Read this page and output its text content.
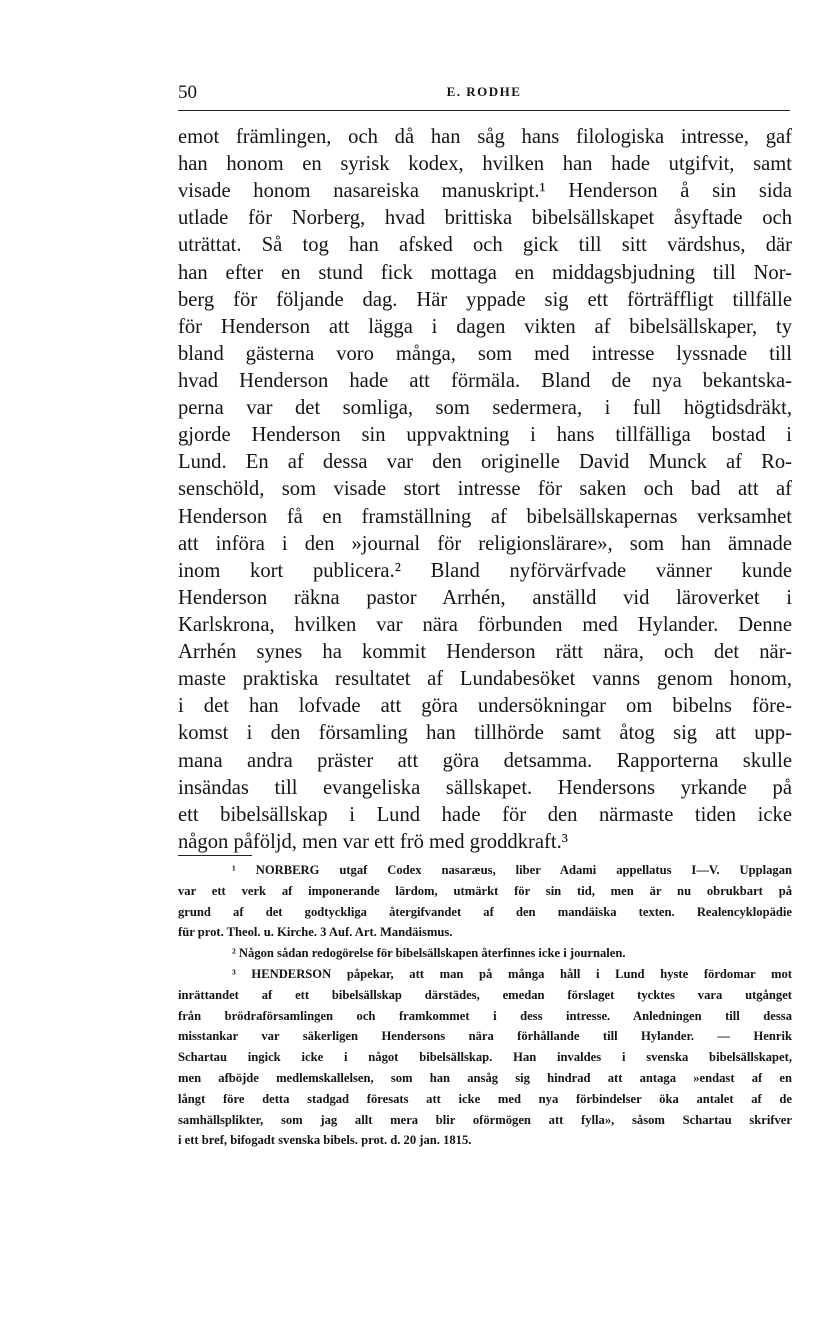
50	E. RODHE
emot främlingen, och då han såg hans filologiska intresse, gaf
han honom en syrisk kodex, hvilken han hade utgifvit, samt
visade honom nasareiska manuskript.¹ Henderson å sin sida
utlade för Norberg, hvad brittiska bibelsällskapet åsyftade och
uträttat. Så tog han afsked och gick till sitt värdshus, där
han efter en stund fick mottaga en middagsbjudning till Nor-
berg för följande dag. Här yppade sig ett förträffligt tillfälle
för Henderson att lägga i dagen vikten af bibelsällskaper, ty
bland gästerna voro många, som med intresse lyssnade till
hvad Henderson hade att förmäla. Bland de nya bekantska-
perna var det somliga, som sedermera, i full högtidsdräkt,
gjorde Henderson sin uppvaktning i hans tillfälliga bostad i
Lund. En af dessa var den originelle David Munck af Ro-
senschöld, som visade stort intresse för saken och bad att af
Henderson få en framställning af bibelsällskapernas verksamhet
att införa i den »journal för religionslärare», som han ämnade
inom kort publicera.² Bland nyförvärfvade vänner kunde
Henderson räkna pastor Arrhén, anställd vid läroverket i
Karlskrona, hvilken var nära förbunden med Hylander. Denne
Arrhén synes ha kommit Henderson rätt nära, och det när-
maste praktiska resultatet af Lundabesöket vanns genom honom,
i det han lofvade att göra undersökningar om bibelns före-
komst i den församling han tillhörde samt åtog sig att upp-
mana andra präster att göra detsamma. Rapporterna skulle
insändas till evangeliska sällskapet. Hendersons yrkande på
ett bibelsällskap i Lund hade för den närmaste tiden icke
någon påföljd, men var ett frö med groddkraft.³
¹ NORBERG utgaf Codex nasaræus, liber Adami appellatus I—V. Upplagan
var ett verk af imponerande lärdom, utmärkt för sin tid, men är nu obrukbart på
grund af det godtyckliga återgifvandet af den mandäiska texten. Realencyklopädie
für prot. Theol. u. Kirche. 3 Auf. Art. Mandäismus.
² Någon sådan redogörelse för bibelsällskapen återfinnes icke i journalen.
³ HENDERSON påpekar, att man på många håll i Lund hyste fördomar mot
inrättandet af ett bibelsällskap därstädes, emedan förslaget tycktes vara utgånget
från brödraförsamlingen och framkommet i dess intresse. Anledningen till dessa
misstankar var säkerligen Hendersons nära förhållande till Hylander. — Henrik
Schartau ingick icke i något bibelsällskap. Han invaldes i svenska bibelsällskapet,
men afböjde medlemskallelsen, som han ansåg sig hindrad att antaga »endast af en
långt före detta stadgad föresats att icke med nya förbindelser öka antalet af de
samhällsplikter, som jag allt mera blir oförmögen att fylla», såsom Schartau skrifver
i ett bref, bifogadt svenska bibels. prot. d. 20 jan. 1815.
